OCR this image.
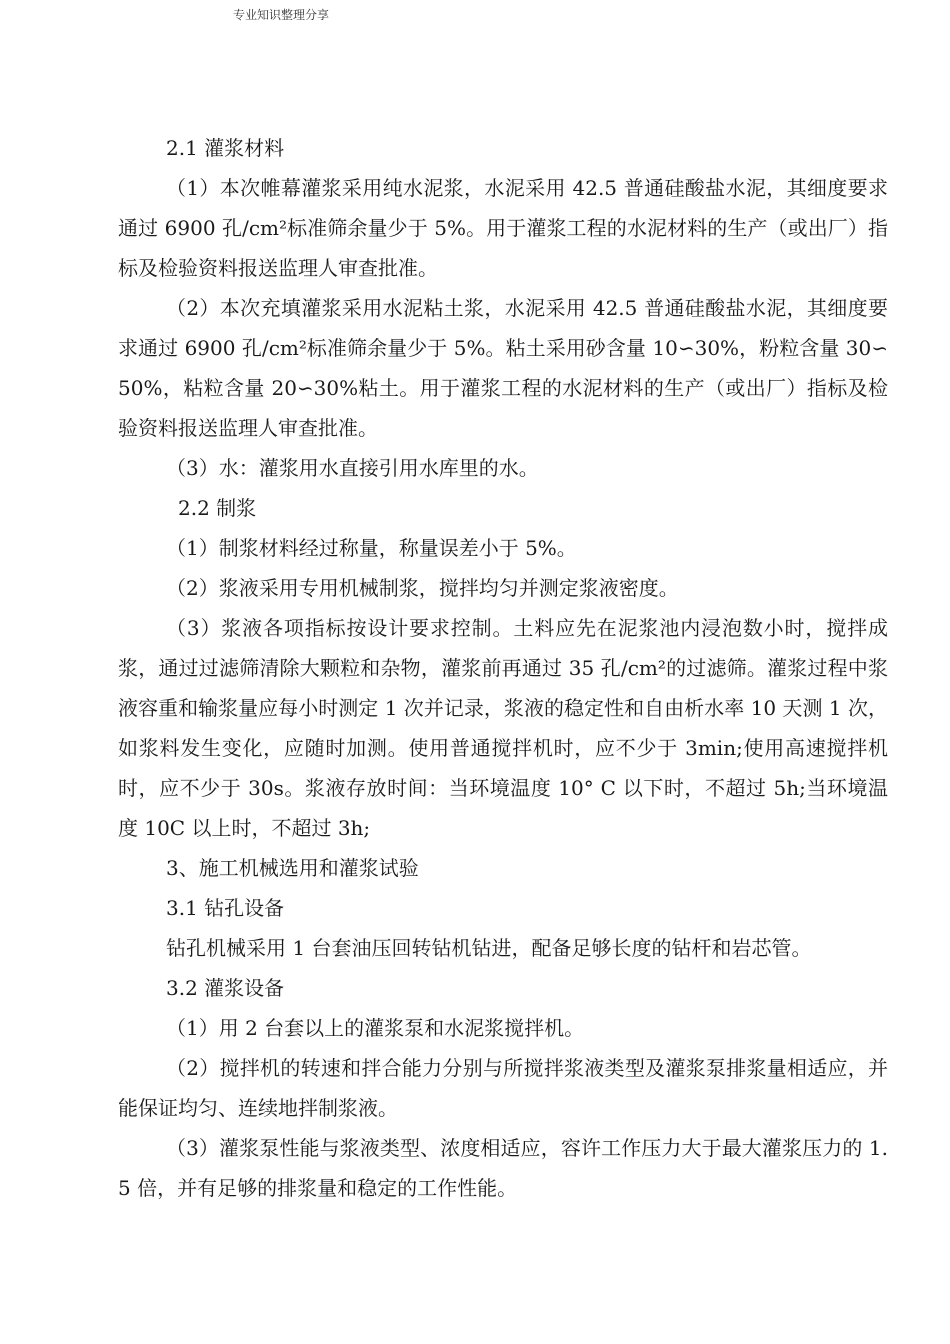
专业知识整理分享

2.1 灌浆材料

（1）本次帷幕灌浆采用纯水泥浆，水泥采用 42.5 普通硅酸盐水泥，其细度要求通过 6900 孔/cm²标准筛余量少于 5%。用于灌浆工程的水泥材料的生产（或出厂）指标及检验资料报送监理人审查批准。

（2）本次充填灌浆采用水泥粘土浆，水泥采用 42.5 普通硅酸盐水泥，其细度要求通过 6900 孔/cm²标准筛余量少于 5%。粘土采用砂含量 10∽30%，粉粒含量 30∽50%，粘粒含量 20∽30%粘土。用于灌浆工程的水泥材料的生产（或出厂）指标及检验资料报送监理人审查批准。

（3）水：灌浆用水直接引用水库里的水。

2.2 制浆

（1）制浆材料经过称量，称量误差小于 5%。

（2）浆液采用专用机械制浆，搅拌均匀并测定浆液密度。

（3）浆液各项指标按设计要求控制。土料应先在泥浆池内浸泡数小时，搅拌成浆，通过过滤筛清除大颗粒和杂物，灌浆前再通过 35 孔/cm²的过滤筛。灌浆过程中浆液容重和输浆量应每小时测定 1 次并记录，浆液的稳定性和自由析水率 10 天测 1 次，如浆料发生变化，应随时加测。使用普通搅拌机时，应不少于 3min;使用高速搅拌机时，应不少于 30s。浆液存放时间：当环境温度 10° C 以下时，不超过 5h;当环境温度 10C 以上时，不超过 3h;

3、施工机械选用和灌浆试验

3.1 钻孔设备

钻孔机械采用 1 台套油压回转钻机钻进，配备足够长度的钻杆和岩芯管。

3.2 灌浆设备

（1）用 2 台套以上的灌浆泵和水泥浆搅拌机。

（2）搅拌机的转速和拌合能力分别与所搅拌浆液类型及灌浆泵排浆量相适应，并能保证均匀、连续地拌制浆液。

（3）灌浆泵性能与浆液类型、浓度相适应，容许工作压力大于最大灌浆压力的 1.5 倍，并有足够的排浆量和稳定的工作性能。
